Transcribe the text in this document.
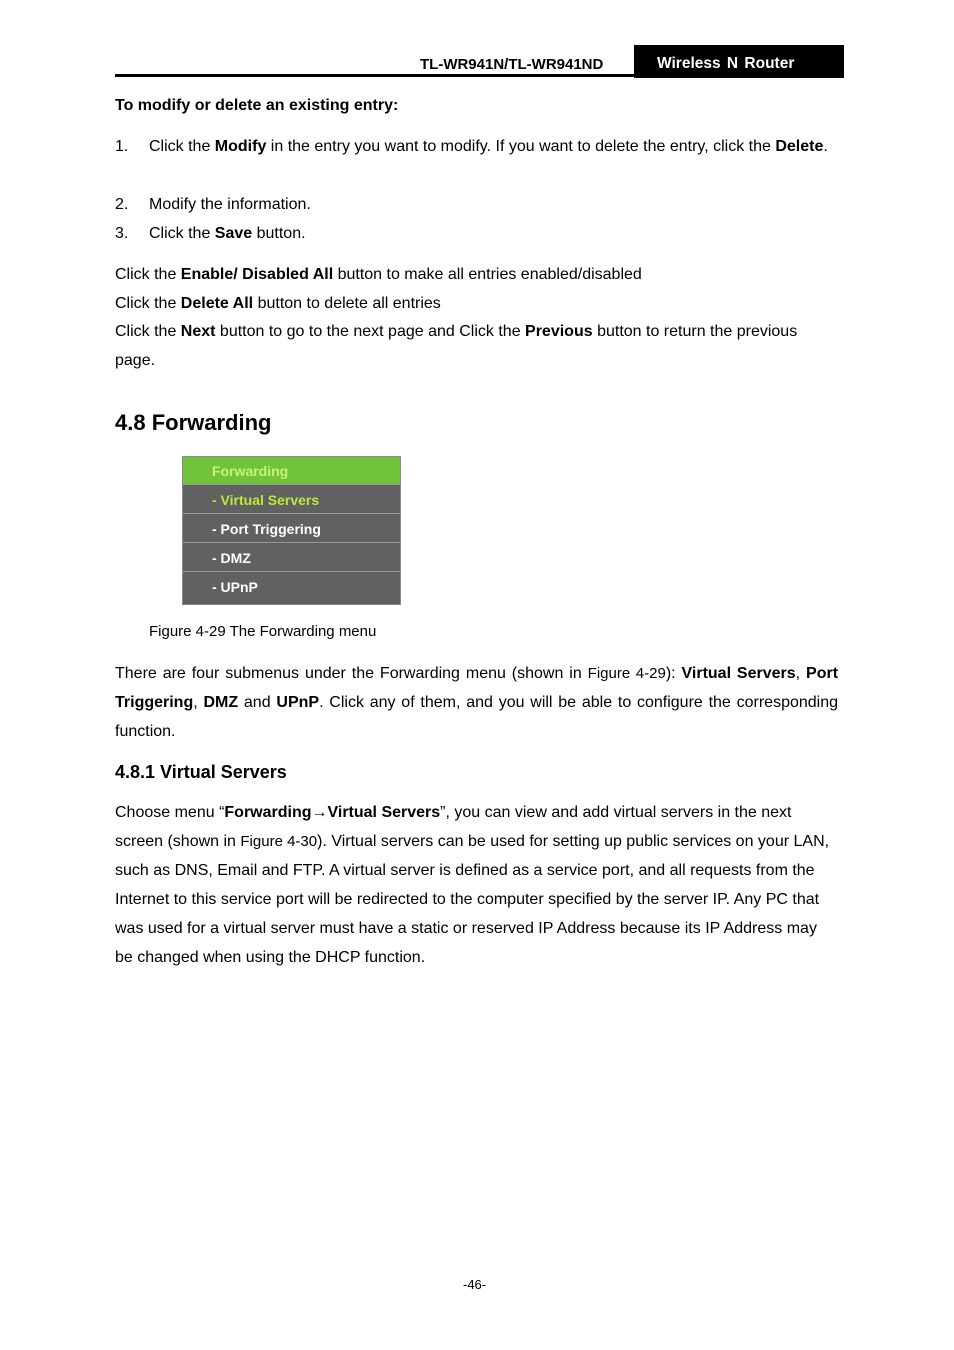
TL-WR941N/TL-WR941ND	Wireless N Router
To modify or delete an existing entry:
1. Click the Modify in the entry you want to modify. If you want to delete the entry, click the Delete.
2. Modify the information.
3. Click the Save button.
Click the Enable/ Disabled All button to make all entries enabled/disabled
Click the Delete All button to delete all entries
Click the Next button to go to the next page and Click the Previous button to return the previous page.
4.8 Forwarding
Forwarding
- Virtual Servers
- Port Triggering
- DMZ
- UPnP
Figure 4-29 The Forwarding menu
There are four submenus under the Forwarding menu (shown in Figure 4-29): Virtual Servers, Port Triggering, DMZ and UPnP. Click any of them, and you will be able to configure the corresponding function.
4.8.1 Virtual Servers
Choose menu “Forwarding→Virtual Servers”, you can view and add virtual servers in the next screen (shown in Figure 4-30). Virtual servers can be used for setting up public services on your LAN, such as DNS, Email and FTP. A virtual server is defined as a service port, and all requests from the Internet to this service port will be redirected to the computer specified by the server IP. Any PC that was used for a virtual server must have a static or reserved IP Address because its IP Address may be changed when using the DHCP function.
-46-
